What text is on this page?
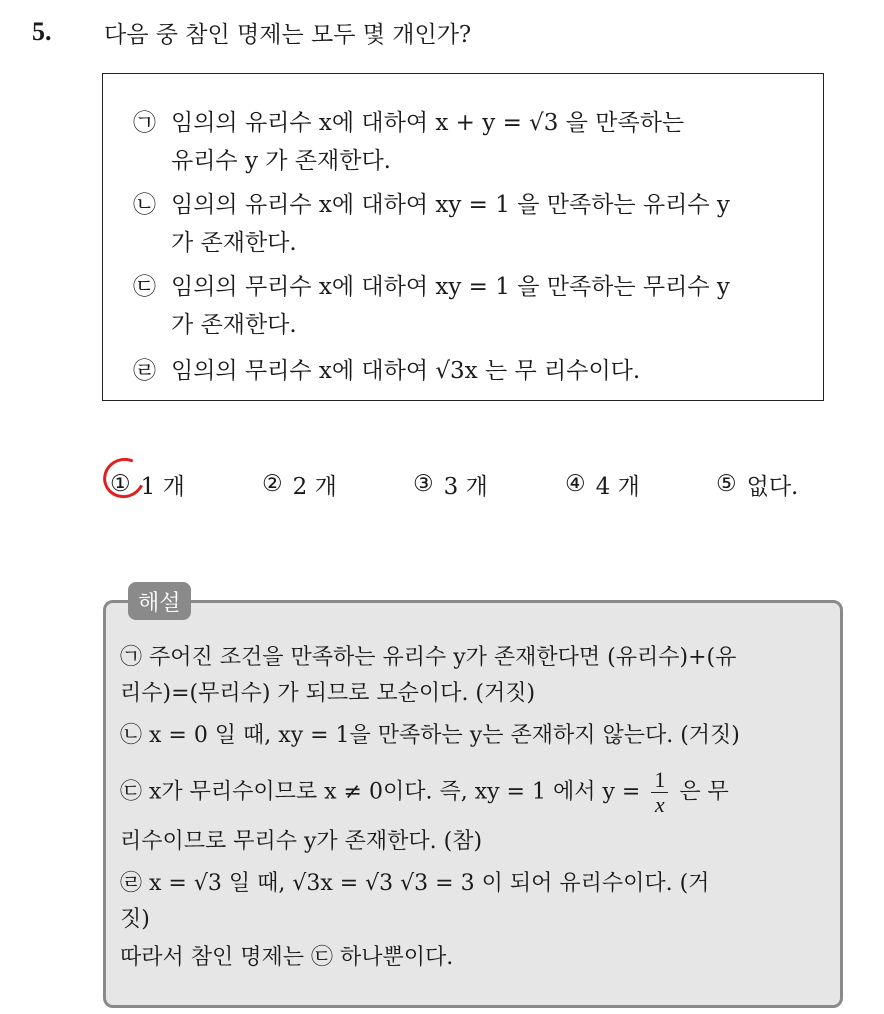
5.	다음 중 참인 명제는 모두 몇 개인가?
㉠ 임의의 유리수 x에 대하여 x + y = √3 을 만족하는
유리수 y 가 존재한다.
㉡ 임의의 유리수 x에 대하여 xy = 1 을 만족하는 유리수 y
가 존재한다.
㉢ 임의의 무리수 x에 대하여 xy = 1 을 만족하는 무리수 y
가 존재한다.
㉣ 임의의 무리수 x에 대하여 √3x 는 무 리수이다.
① 1 개	② 2 개	③ 3 개	④ 4 개	⑤ 없다.
해설
㉠ 주어진 조건을 만족하는 유리수 y가 존재한다면 (유리수)+(유
리수)=(무리수) 가 되므로 모순이다. (거짓)
㉡ x = 0 일 때, xy = 1을 만족하는 y는 존재하지 않는다. (거짓)
㉢ x가 무리수이므로 x ≠ 0이다. 즉, xy = 1 에서 $y = \frac{1}{x}$ 은 무
리수이므로 무리수 y가 존재한다. (참)
㉣ x = √3 일 때, √3x = √3 √3 = 3 이 되어 유리수이다. (거
짓)
따라서 참인 명제는 ㉢ 하나뿐이다.
